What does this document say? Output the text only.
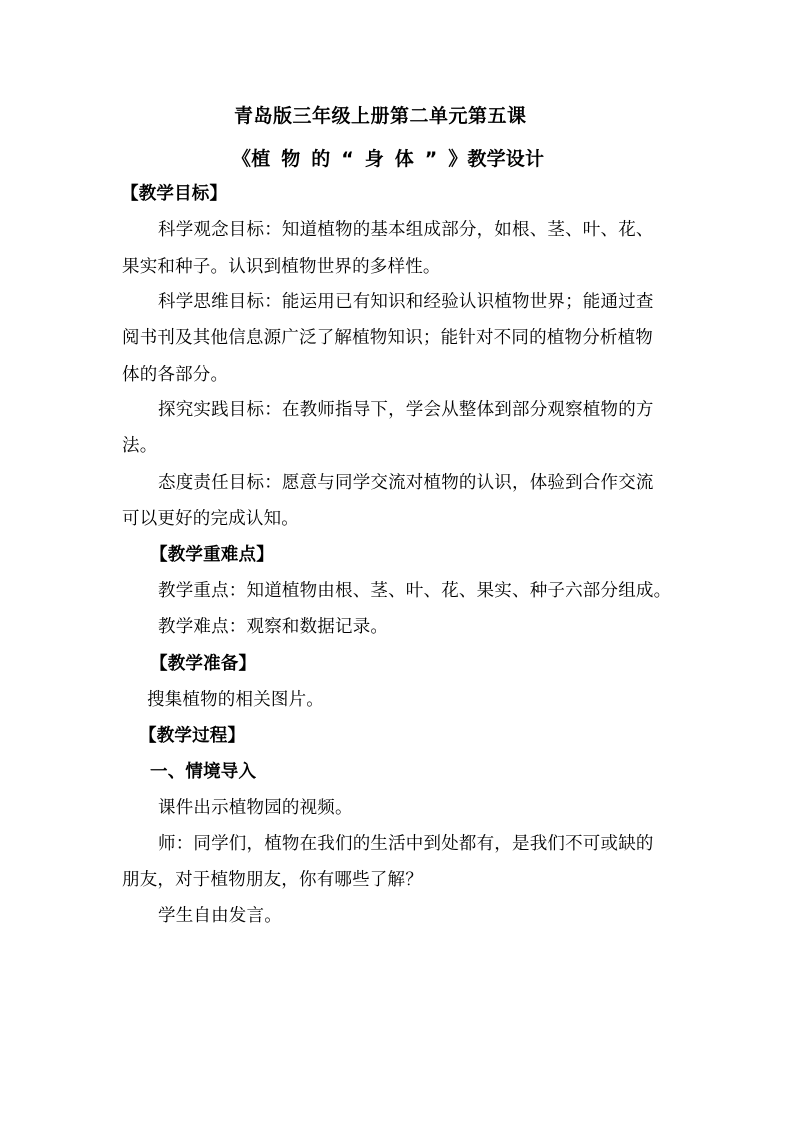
青岛版三年级上册第二单元第五课
《植物的“身体”》教学设计
【教学目标】
科学观念目标：知道植物的基本组成部分，如根、茎、叶、花、
果实和种子。认识到植物世界的多样性。
科学思维目标：能运用已有知识和经验认识植物世界；能通过查
阅书刊及其他信息源广泛了解植物知识；能针对不同的植物分析植物
体的各部分。
探究实践目标：在教师指导下，学会从整体到部分观察植物的方
法。
态度责任目标：愿意与同学交流对植物的认识，体验到合作交流
可以更好的完成认知。
【教学重难点】
教学重点：知道植物由根、茎、叶、花、果实、种子六部分组成。
教学难点：观察和数据记录。
【教学准备】
搜集植物的相关图片。
【教学过程】
一、情境导入
课件出示植物园的视频。
师：同学们，植物在我们的生活中到处都有，是我们不可或缺的
朋友，对于植物朋友，你有哪些了解？
学生自由发言。
